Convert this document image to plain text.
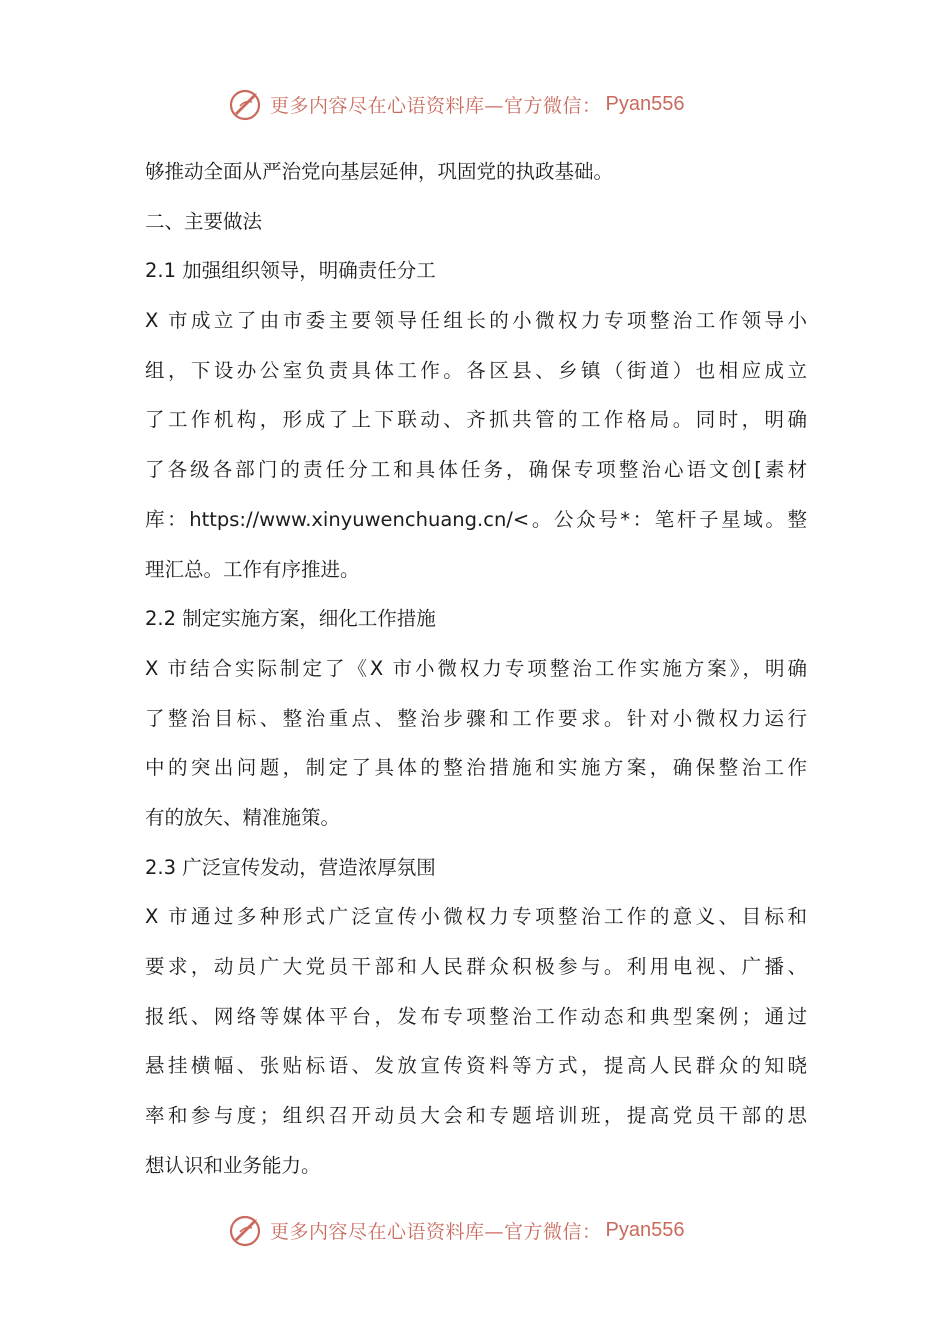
更多内容尽在心语资料库—官方微信： Pyan556
够推动全面从严治党向基层延伸，巩固党的执政基础。
二、主要做法
2.1 加强组织领导，明确责任分工
X 市成立了由市委主要领导任组长的小微权力专项整治工作领导小
组，下设办公室负责具体工作。各区县、乡镇（街道）也相应成立
了工作机构，形成了上下联动、齐抓共管的工作格局。同时，明确
了各级各部门的责任分工和具体任务，确保专项整治心语文创[素材
库：https://www.xinyuwenchuang.cn/<。公众号*：笔杆子星域。整
理汇总。工作有序推进。
2.2 制定实施方案，细化工作措施
X 市结合实际制定了《X 市小微权力专项整治工作实施方案》，明确
了整治目标、整治重点、整治步骤和工作要求。针对小微权力运行
中的突出问题，制定了具体的整治措施和实施方案，确保整治工作
有的放矢、精准施策。
2.3 广泛宣传发动，营造浓厚氛围
X 市通过多种形式广泛宣传小微权力专项整治工作的意义、目标和
要求，动员广大党员干部和人民群众积极参与。利用电视、广播、
报纸、网络等媒体平台，发布专项整治工作动态和典型案例；通过
悬挂横幅、张贴标语、发放宣传资料等方式，提高人民群众的知晓
率和参与度；组织召开动员大会和专题培训班，提高党员干部的思
想认识和业务能力。
更多内容尽在心语资料库—官方微信： Pyan556
